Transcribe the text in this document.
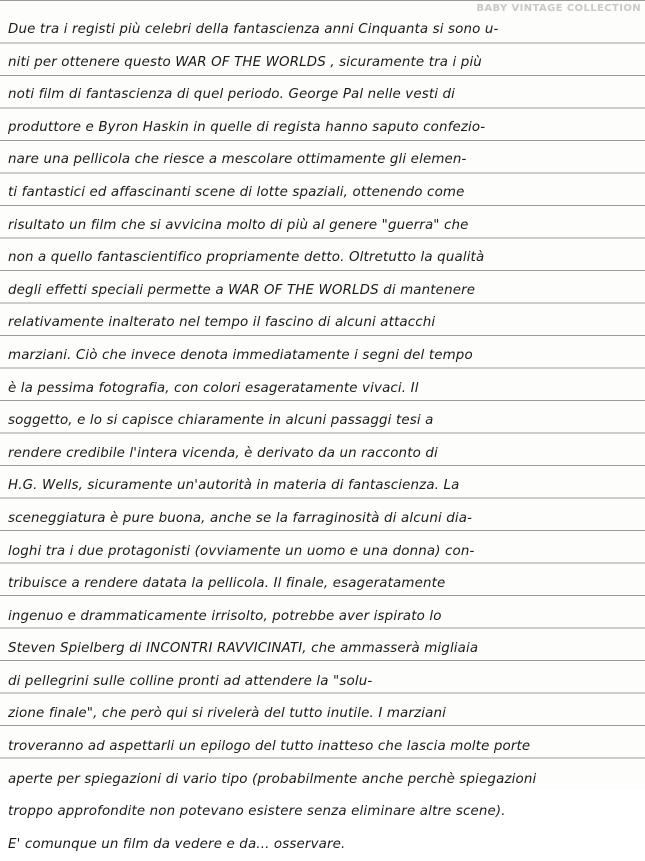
BABY VINTAGE COLLECTION
Due tra i registi più celebri della fantascienza anni Cinquanta si sono u-
niti per ottenere questo WAR OF THE WORLDS , sicuramente tra i più
noti film di fantascienza di quel periodo. George Pal nelle vesti di
produttore e Byron Haskin in quelle di regista hanno saputo confezio-
nare una pellicola che riesce a mescolare ottimamente gli elemen-
ti fantastici ed affascinanti scene di lotte spaziali, ottenendo come
risultato un film che si avvicina molto di più al genere "guerra" che
non a quello fantascientifico propriamente detto. Oltretutto la qualità
degli effetti speciali permette a WAR OF THE WORLDS di mantenere
relativamente inalterato nel tempo il fascino di alcuni attacchi
marziani. Ciò che invece denota immediatamente i segni del tempo
è la pessima fotografia, con colori esageratamente vivaci. Il
soggetto, e lo si capisce chiaramente in alcuni passaggi tesi a
rendere credibile l'intera vicenda, è derivato da un racconto di
H.G. Wells, sicuramente un'autorità in materia di fantascienza. La
sceneggiatura è pure buona, anche se la farraginosità di alcuni dia-
loghi tra i due protagonisti (ovviamente un uomo e una donna) con-
tribuisce a rendere datata la pellicola. Il finale, esageratamente
ingenuo e drammaticamente irrisolto, potrebbe aver ispirato lo
Steven Spielberg di INCONTRI RAVVICINATI, che ammasserà migliaia
di pellegrini sulle colline pronti ad attendere la "solu-
zione finale", che però qui si rivelerà del tutto inutile. I marziani
troveranno ad aspettarli un epilogo del tutto inatteso che lascia molte porte
aperte per spiegazioni di vario tipo (probabilmente anche perchè spiegazioni
troppo approfondite non potevano esistere senza eliminare altre scene).
E' comunque un film da vedere e da... osservare.
